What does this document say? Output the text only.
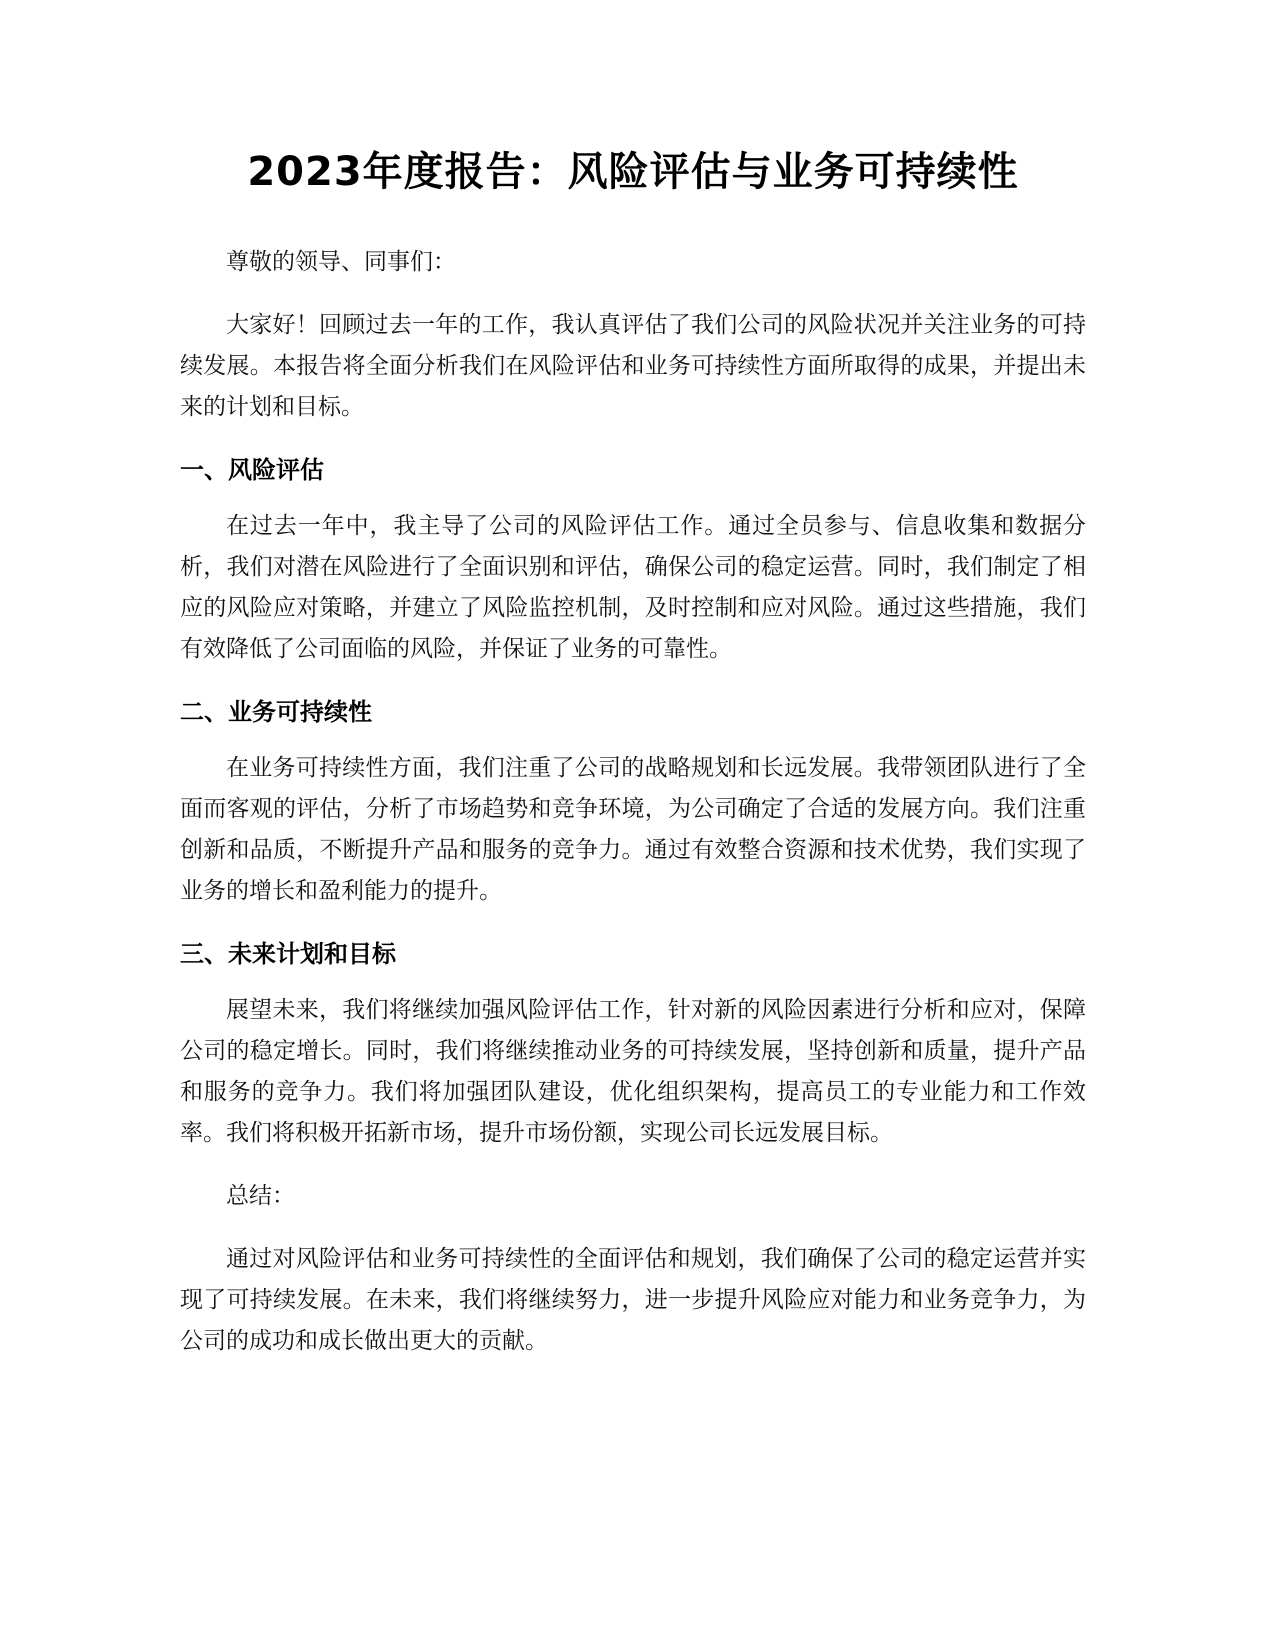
2023年度报告：风险评估与业务可持续性

尊敬的领导、同事们：

大家好！回顾过去一年的工作，我认真评估了我们公司的风险状况并关注业务的可持续发展。本报告将全面分析我们在风险评估和业务可持续性方面所取得的成果，并提出未来的计划和目标。

一、风险评估

在过去一年中，我主导了公司的风险评估工作。通过全员参与、信息收集和数据分析，我们对潜在风险进行了全面识别和评估，确保公司的稳定运营。同时，我们制定了相应的风险应对策略，并建立了风险监控机制，及时控制和应对风险。通过这些措施，我们有效降低了公司面临的风险，并保证了业务的可靠性。

二、业务可持续性

在业务可持续性方面，我们注重了公司的战略规划和长远发展。我带领团队进行了全面而客观的评估，分析了市场趋势和竞争环境，为公司确定了合适的发展方向。我们注重创新和品质，不断提升产品和服务的竞争力。通过有效整合资源和技术优势，我们实现了业务的增长和盈利能力的提升。

三、未来计划和目标

展望未来，我们将继续加强风险评估工作，针对新的风险因素进行分析和应对，保障公司的稳定增长。同时，我们将继续推动业务的可持续发展，坚持创新和质量，提升产品和服务的竞争力。我们将加强团队建设，优化组织架构，提高员工的专业能力和工作效率。我们将积极开拓新市场，提升市场份额，实现公司长远发展目标。

总结：

通过对风险评估和业务可持续性的全面评估和规划，我们确保了公司的稳定运营并实现了可持续发展。在未来，我们将继续努力，进一步提升风险应对能力和业务竞争力，为公司的成功和成长做出更大的贡献。
